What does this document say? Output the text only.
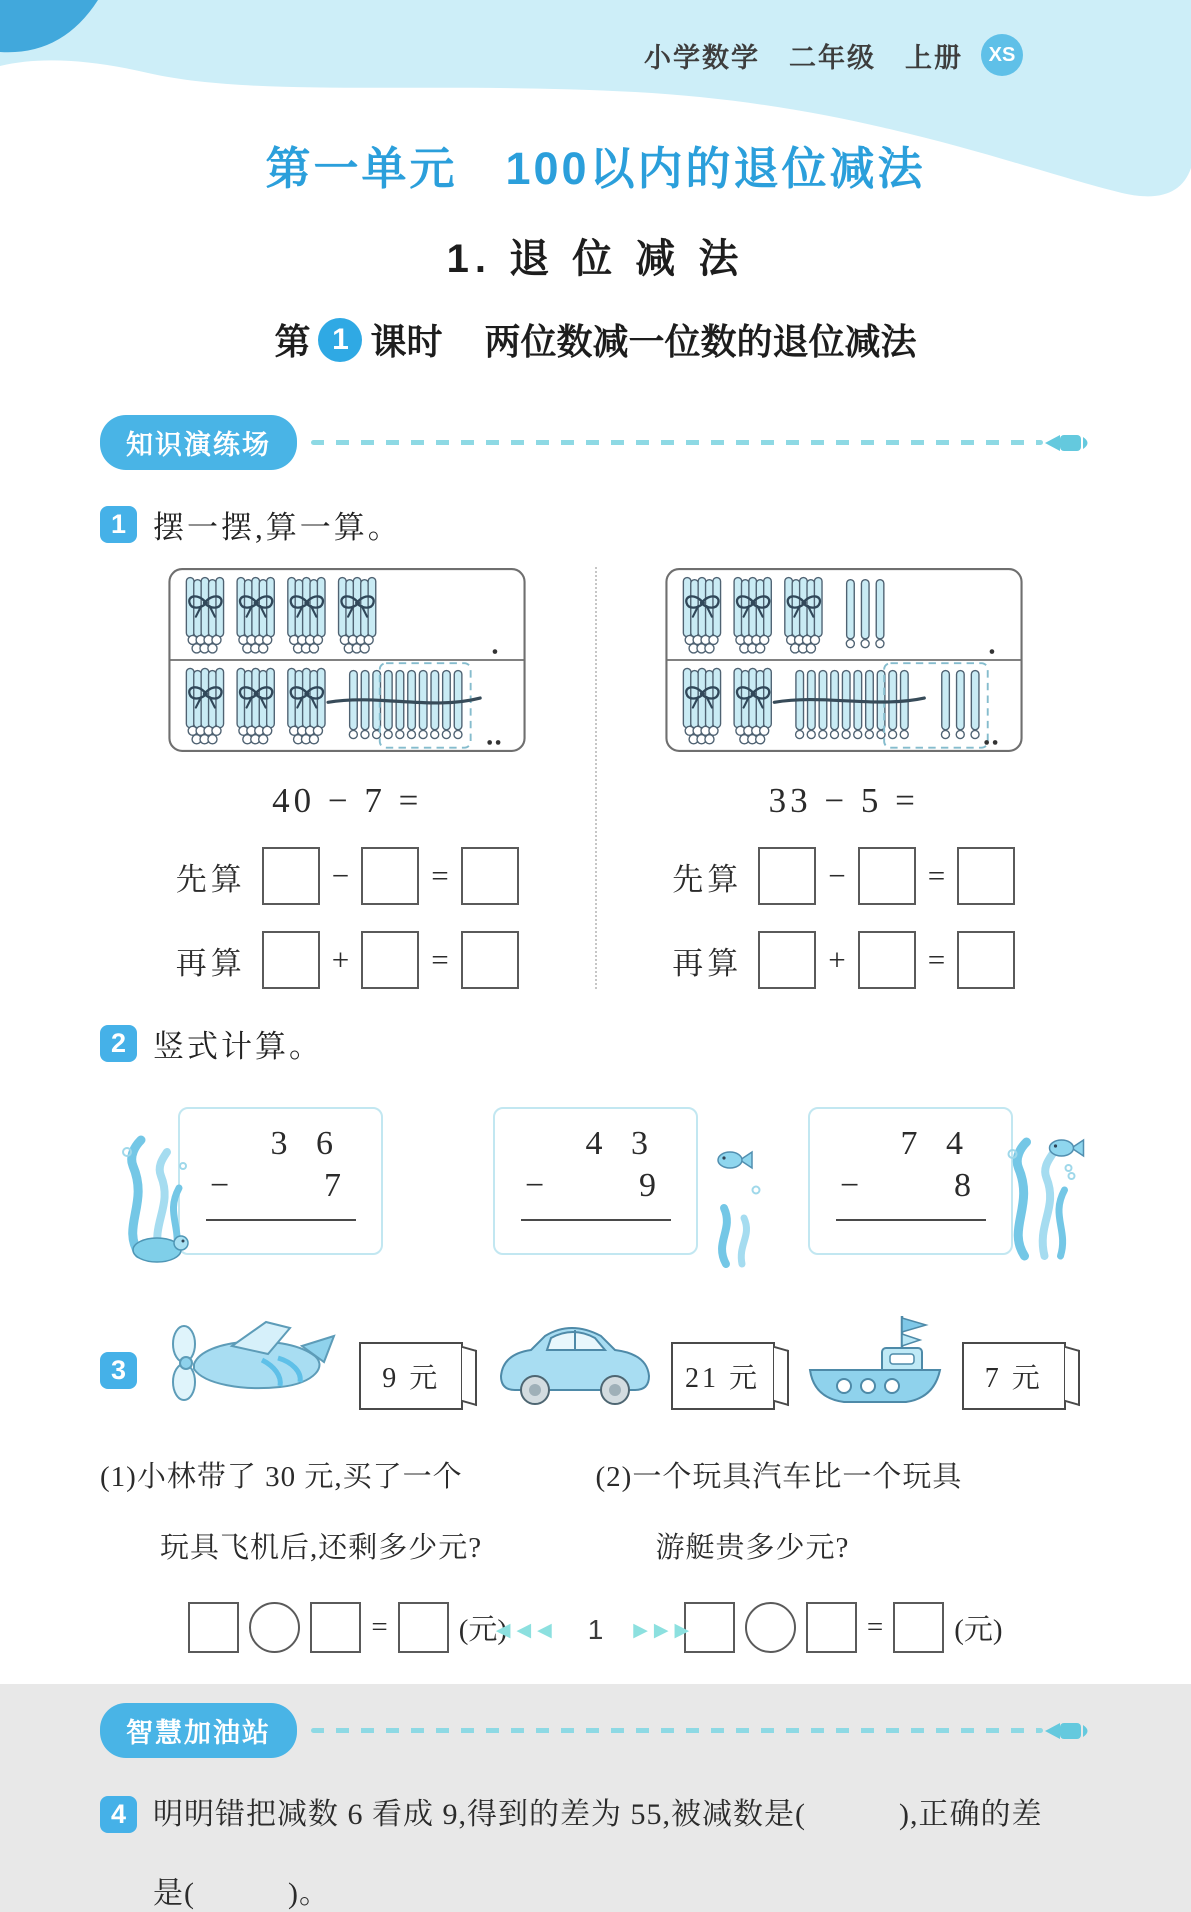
小学数学　二年级　上册	XS
第一单元　100以内的退位减法
1. 退 位 减 法
第 1 课时 两位数减一位数的退位减法
知识演练场
1 摆一摆,算一算。
40 − 7 =
先算	−	=
再算	+	=
33 − 5 =
先算	−	=
再算	+	=
2 竖式计算。
3 6
−	7
4 3
−	9
7 4
−	8
3	9 元	21 元	7 元
(1)小林带了 30 元,买了一个
玩具飞机后,还剩多少元?
(2)一个玩具汽车比一个玩具
游艇贵多少元?
= (元)	= (元)
智慧加油站
4 明明错把减数 6 看成 9,得到的差为 55,被减数是(　　　),正确的差
是(　　　)。
◀◀◀ 1 ▶▶▶
